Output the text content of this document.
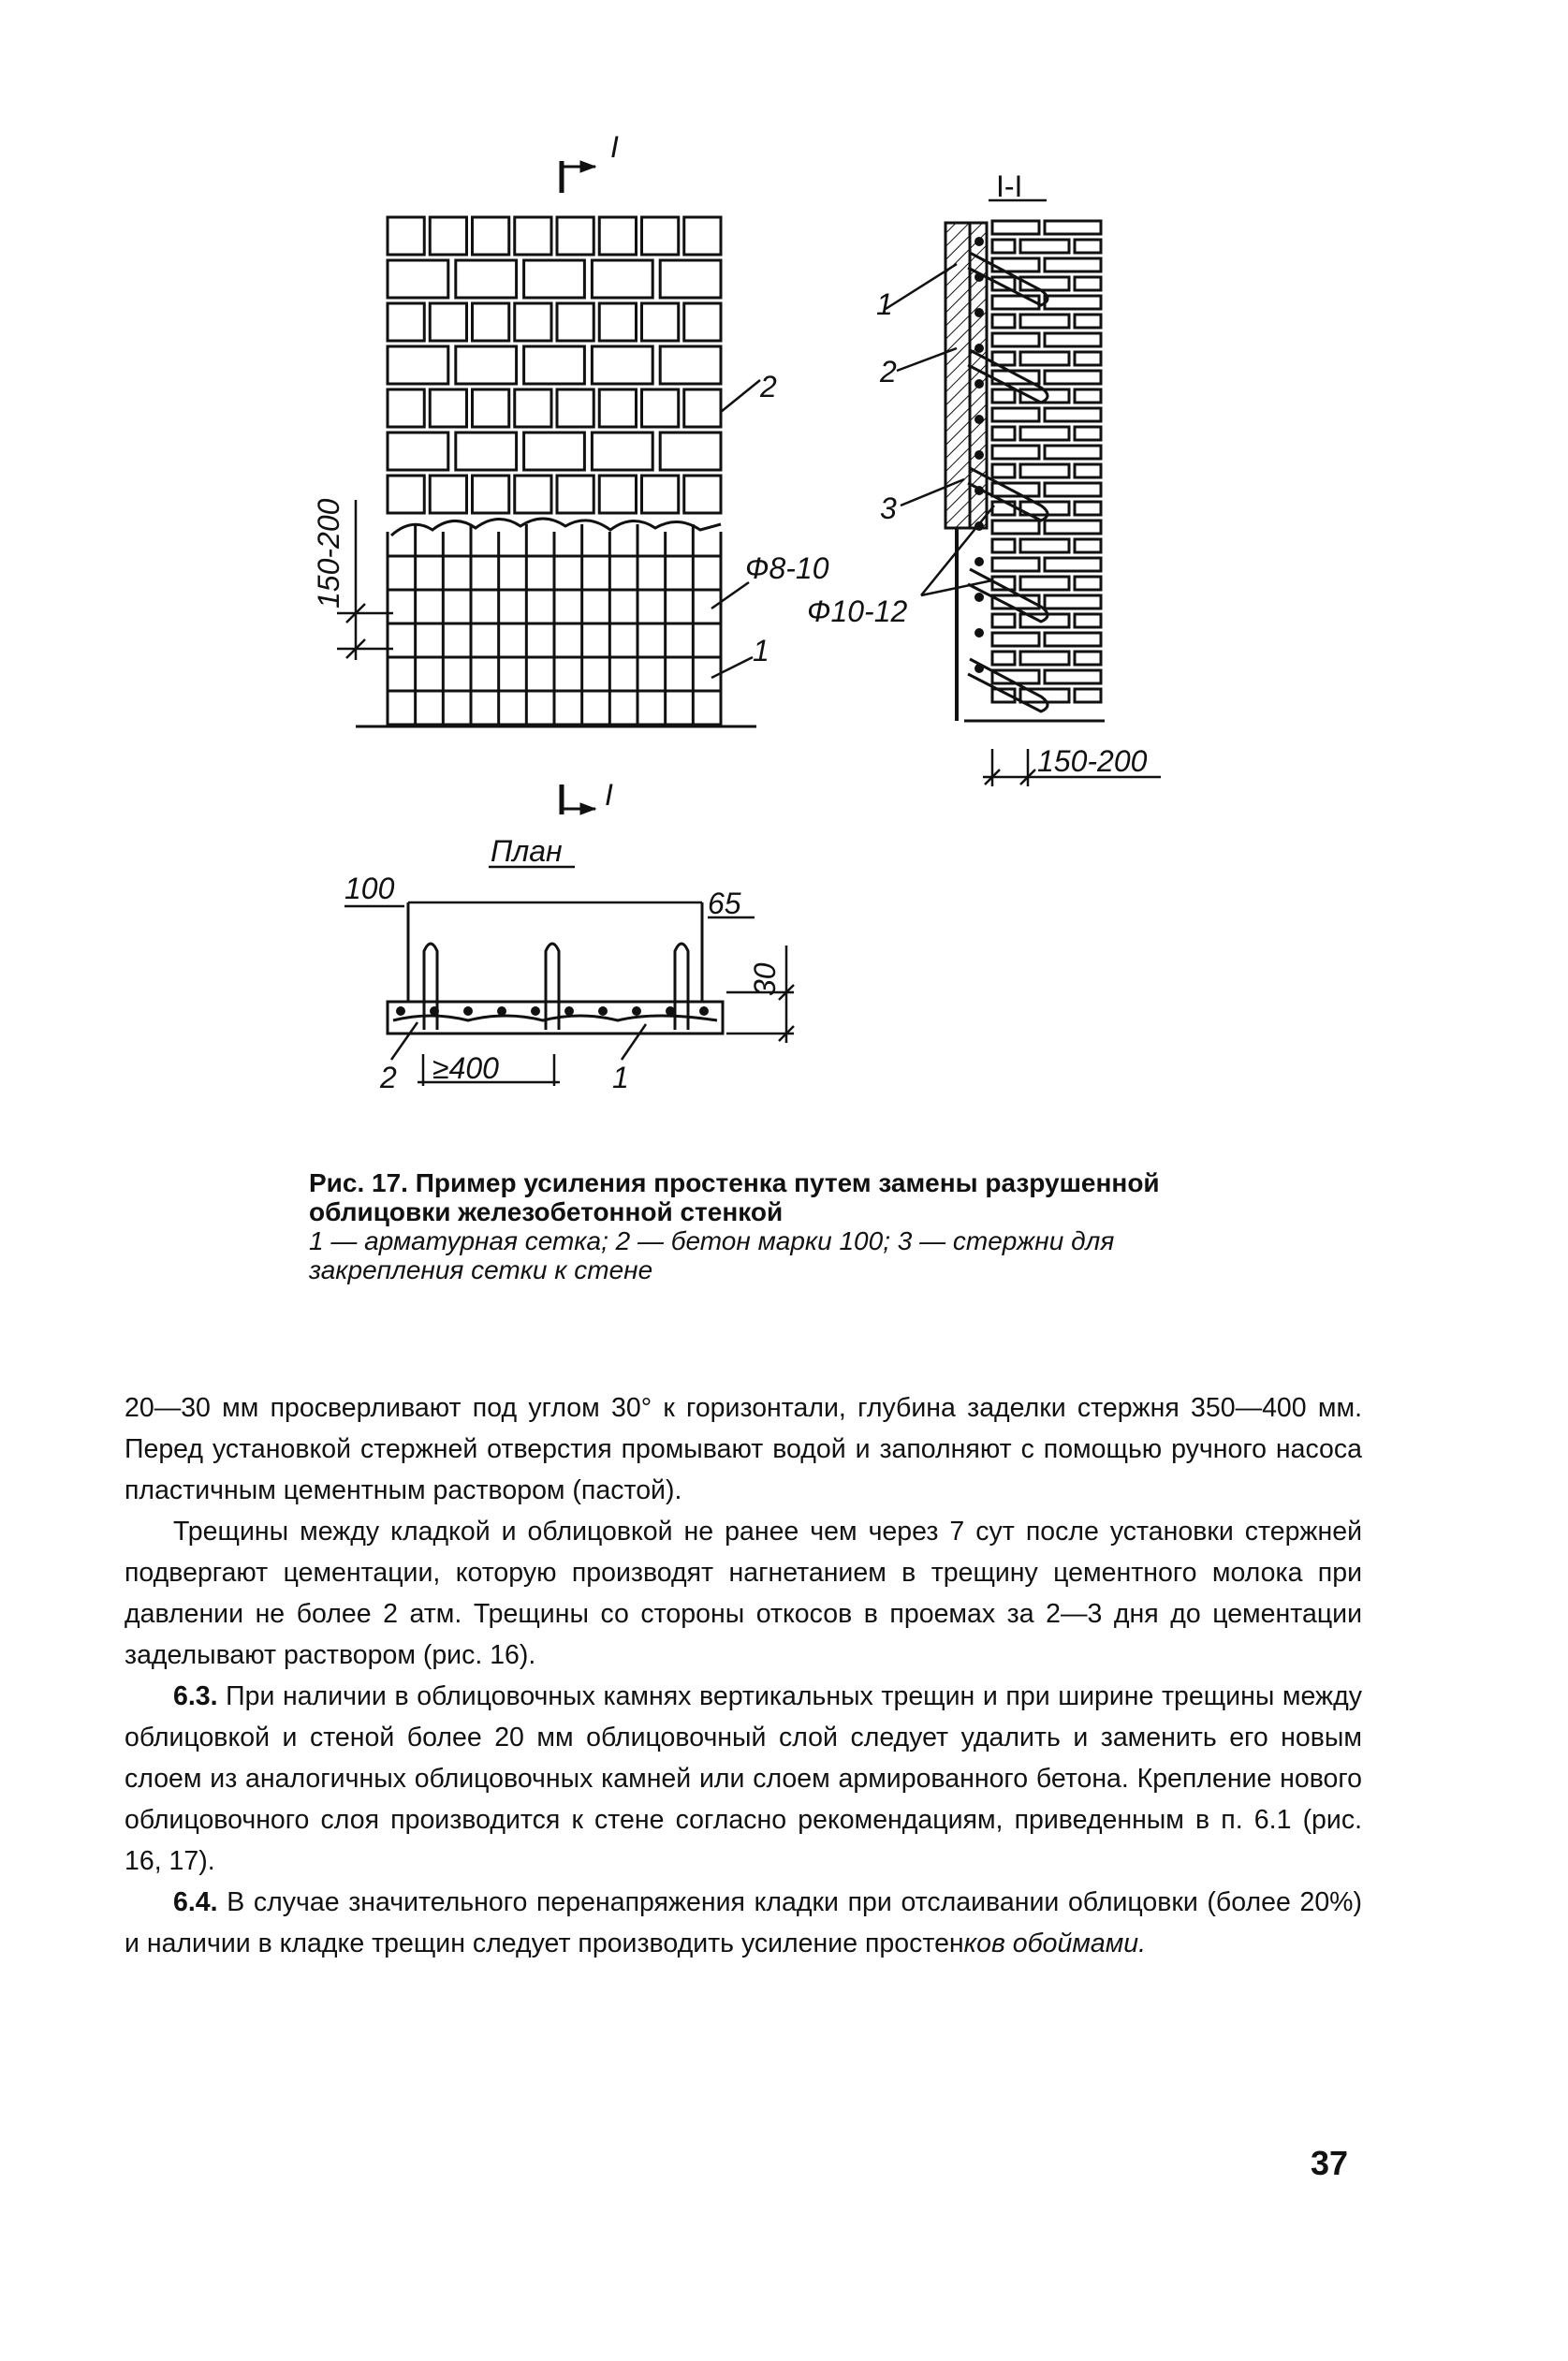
I
I
150-200
2
Ф8-10
1
I-I
1
2
3
Ф10-12
150-200
План
100	65
30
≥400
2	1
Рис. 17. Пример усиления простенка путем замены разрушенной облицовки железобетонной стенкой
1 — арматурная сетка; 2 — бетон марки 100; 3 — стержни для закрепления сетки к стене

20—30 мм просверливают под углом 30° к горизонтали, глубина заделки стержня 350—400 мм. Перед установкой стержней отверстия промывают водой и заполняют с помощью ручного насоса пластичным цементным раствором (пастой).

Трещины между кладкой и облицовкой не ранее чем через 7 сут после установки стержней подвергают цементации, которую производят нагнетанием в трещину цементного молока при давлении не более 2 атм. Трещины со стороны откосов в проемах за 2—3 дня до цементации заделывают раствором (рис. 16).

6.3. При наличии в облицовочных камнях вертикальных трещин и при ширине трещины между облицовкой и стеной более 20 мм облицовочный слой следует удалить и заменить его новым слоем из аналогичных облицовочных камней или слоем армированного бетона. Крепление нового облицовочного слоя производится к стене согласно рекомендациям, приведенным в п. 6.1 (рис. 16, 17).

6.4. В случае значительного перенапряжения кладки при отслаивании облицовки (более 20%) и наличии в кладке трещин следует производить усиление простенков обоймами.

37
